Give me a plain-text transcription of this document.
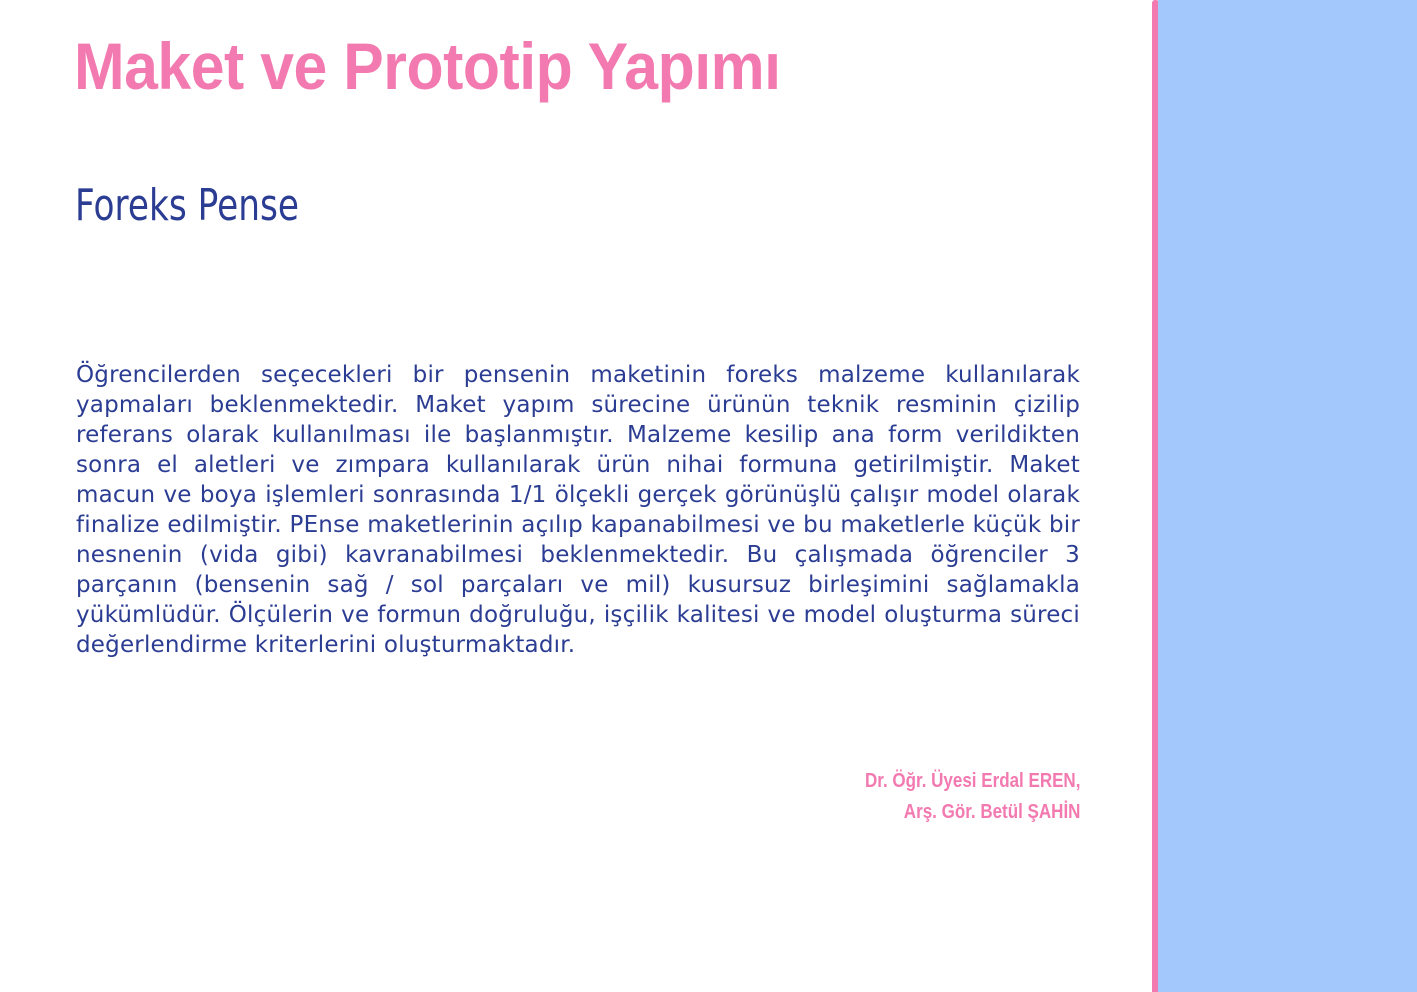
Maket ve Prototip Yapımı
Foreks Pense

Öğrencilerden seçecekleri bir pensenin maketinin foreks malzeme kullanılarak yapmaları beklenmektedir. Maket yapım sürecine ürünün teknik resminin çizilip referans olarak kullanılması ile başlanmıştır. Malzeme kesilip ana form verildikten sonra el aletleri ve zımpara kullanılarak ürün nihai formuna getirilmiştir. Maket macun ve boya işlemleri sonrasında 1/1 ölçekli gerçek görünüşlü çalışır model olarak finalize edilmiştir. PEnse maketlerinin açılıp kapanabilmesi ve bu maketlerle küçük bir nesnenin (vida gibi) kavranabilmesi beklenmektedir. Bu çalışmada öğrenciler 3 parçanın (bensenin sağ / sol parçaları ve mil) kusursuz birleşimini sağlamakla yükümlüdür. Ölçülerin ve formun doğruluğu, işçilik kalitesi ve model oluşturma süreci değerlendirme kriterlerini oluşturmaktadır.

Dr. Öğr. Üyesi Erdal EREN,
Arş. Gör. Betül ŞAHİN
